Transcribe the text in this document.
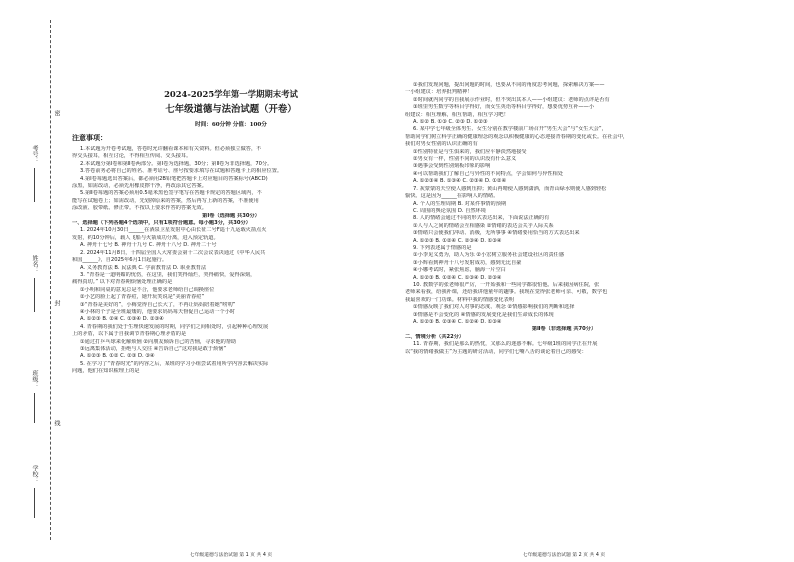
考号：
姓名：
班级：
学校：
密
封
线
2024-2025学年第一学期期末考试
七年级道德与法治试题（开卷）
时间：60分钟 分值：100分
注意事项：

1.本试题为开卷考试题，答卷时允许翻看课本和有关资料。但必须独立做答，不

得交头接耳，相互讨论，不得相互传阅、交头接耳。

2.本试题分第Ⅰ卷和第Ⅱ卷两部分。第Ⅰ卷为选择题，30分；第Ⅱ卷为非选择题，70分。

3.答卷前务必将自己的姓名、准考证号、座号按要求填写在试题和答题卡上的相应位置。

4.第Ⅰ卷每题选出答案后，都必须用2B铅笔把答题卡上对应题目的答案标号(ABCD)

涂黑，如需改动，必须先用橡皮擦干净，再改涂其它答案。

5.第Ⅱ卷每题的答案必须用0.5毫米黑色签字笔写在答题卡规定的答题区域内，不

能写在试题卷上；如需改动，先划掉原来的答案，然后再写上新的答案，不准使用

涂改液、胶带纸、修正带。不按以上要求作答的答案无效。

第Ⅰ卷（选择题 共30分）

一、选择题（下列各题4个选项中，只有1项符合题意。每小题3分，共30分）

1. 2024年10月30日______在酒泉卫星发射中心由长征二号F遥十九运载火箭点火

发射，约10分钟后，载人飞船与火箭成功分离，进入预定轨道。

A. 神舟十七号 B. 神舟十九号 C. 神舟十八号 D. 神舟二十号

2. 2024年11月8日，十四届全国人大常委会第十二次会议表决通过《中华人民共

和国______》，自2025年6月1日起施行。

A. 义务教育法 B. 民法典 C. 学前教育法 D. 职业教育法

3. “青春是一道明媚的忧伤，在这里，我们笑得灿烂，哭得痛快，爱得深刻，

痛得真切。” 以下对青春期烦恼处理正确的是

①小明和同桌的意见总是不合，他要求老师给自己调换座位

②小艺的脸上起了青春痘，她开玩笑说是“美丽青春痘”

③“青春是美好的”，小梅觉得自己长大了，不再让妈妈陪着她“唠叨”

④小林的个子是全班最矮的，他要求妈妈每天督促自己运动一个小时

A. ①②③ B. ②④ C. ①③④ D. ②③④

4. 青春期的我们处于生理快速发展的时期，同学们之间相处时，引起种种心理发展

上的矛盾，以下属于自我调节青春期心理矛盾的是

①通过打乒乓球来化解烦恼 ②向朋友倾诉自己的苦恼，寻求他的帮助

③远离集体活动，拒绝与人交往 ④告诉自己“这对我是敢于烦恼”

A. ①②③ B. ①② C. ②③ D. ③④

5. 在学习了“青春时光”的内容之后，某班的学习小组尝试着用所学内容去解决实际

问题，他们在知识梳理上的是

七年级道德与法治试题 第 1 页 共 4 页

①我们发现问题，提出问题的时间，也要从不同的角度思考问题，探索解决方案——

一小组建议：培养批判精神！

②时间就内同学的自我展示作业时，但不突出其本人——小组建议：老师的点评是否有

③班里男生数学等科目学得好，而女生英语等科目学得好，想要优势互补——小

组建议：相互理解，相互帮助，相互学习吧！

A. ①② B. ①③ C. ②③ D. ①②③

6. 某中学七年级全体男生、女生分别在教学楼前广场召开“男生大会”与“女生大会”，

帮助同学们树立科学正确的健康理念的观念以积极健康的心态迎接青春期的变化或长。在社会中，

我们对男女性别的认识正确的有

①性别特征是与生俱来的，我们应平静淡然地接受

②男女有一样，性别不同的认识没有什么意义

③遇事会受到性别刻板印象的影响

④可以帮助我们了解自己与异性的不同特点，学会如何与异性相处

A. ①②③④ B. ①③④ C. ②③④ D. ①②④

7. 灰蒙蒙的天空使人感到压抑；黄山再晴使人感到潇洒，而青山绿水则使人感到轻松

愉快。这是因为______在影响人的情绪。

A. 个人的生理周期 B. 对某件事情的预期

C. 周围的舆论氛围 D. 自然环境

8. 人的情绪会通过不同的形式表达出来，下面说法正确的有

①人与人之间的情绪会互相感染 ②情绪的表达会关乎人际关系

③情绪只会使我们冲动、消极，无所事事 ④情绪要用恰当的方式表达出来

A. ①②③ B. ①②④ C. ②③④ D. ①③④

9. 下列表述属于情感的是

①小李见义勇为，助人为乐 ②小宏树立服务社会建设社区的责任感

③小辉看到神舟十八号发射成功，感到无比自豪

④小娜考试时，紧张焦虑，脑海一片空白

A. ①②③ B. ①②④ C. ①③④ D. ②③④

10. 教数学的张老师很严厉，一开始我和一些同学都很怕他。后来我因病住院，张

老师来看我，给我补课，还给我讲他童年的趣事。我现在觉得张老师可亲、可敬，数学也

我最喜欢的一门功课。材料中我的情感变化表明

①情感反映了我们对人对事的态度、观念 ②情感影响我们的判断和选择

③情感是不会变化的 ④情感的发展变化是我们生命成长的体现

A. ①②③ B. ②③④ C. ①②④ D. ①③④

第Ⅱ卷（非选择题 共70分）

二、情境分析（共22分）

11. 青春期，我们是那么的热忱，又那么的迷惑不解。七年级1班的同学正在开展

以“我的情绪我做主”为主题的研讨活动，同学们七嘴八舌的谈论着自己的感受：

七年级道德与法治试题 第 2 页 共 4 页
